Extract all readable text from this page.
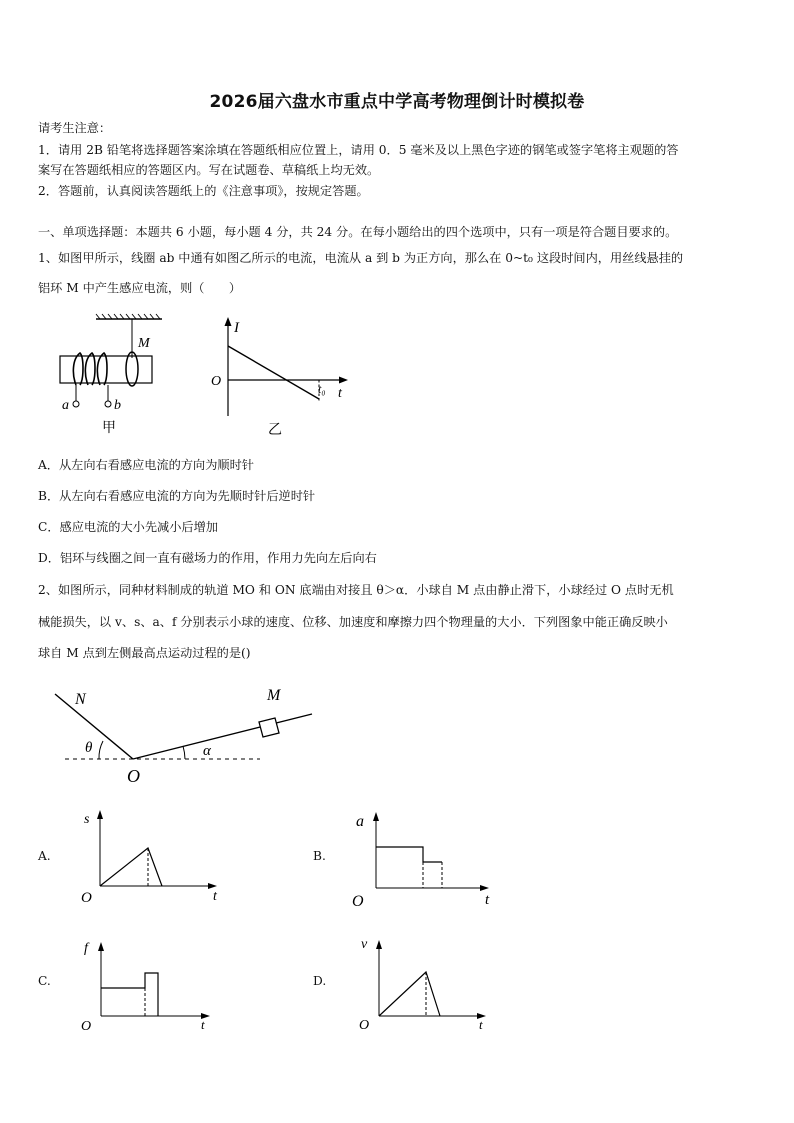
2026届六盘水市重点中学高考物理倒计时模拟卷
请考生注意：
1．请用 2B 铅笔将选择题答案涂填在答题纸相应位置上，请用 0．5 毫米及以上黑色字迹的钢笔或签字笔将主观题的答
案写在答题纸相应的答题区内。写在试题卷、草稿纸上均无效。
2．答题前，认真阅读答题纸上的《注意事项》，按规定答题。
一、单项选择题：本题共 6 小题，每小题 4 分，共 24 分。在每小题给出的四个选项中，只有一项是符合题目要求的。
1、如图甲所示，线圈 ab 中通有如图乙所示的电流，电流从 a 到 b 为正方向，那么在 0~t₀ 这段时间内，用丝线悬挂的
铝环 M 中产生感应电流，则（　　）
M
a	b
甲
I
O	t₀ t
乙
A．从左向右看感应电流的方向为顺时针
B．从左向右看感应电流的方向为先顺时针后逆时针
C．感应电流的大小先减小后增加
D．铝环与线圈之间一直有磁场力的作用，作用力先向左后向右
2、如图所示，同种材料制成的轨道 MO 和 ON 底端由对接且 θ＞α．小球自 M 点由静止滑下，小球经过 O 点时无机
械能损失，以 v、s、a、f 分别表示小球的速度、位移、加速度和摩擦力四个物理量的大小．下列图象中能正确反映小
球自 M 点到左侧最高点运动过程的是()
N	M
O
θ	α
A.
s
t
O
B.
a
t
O
C.
f
t
O
D.
v
t
O
